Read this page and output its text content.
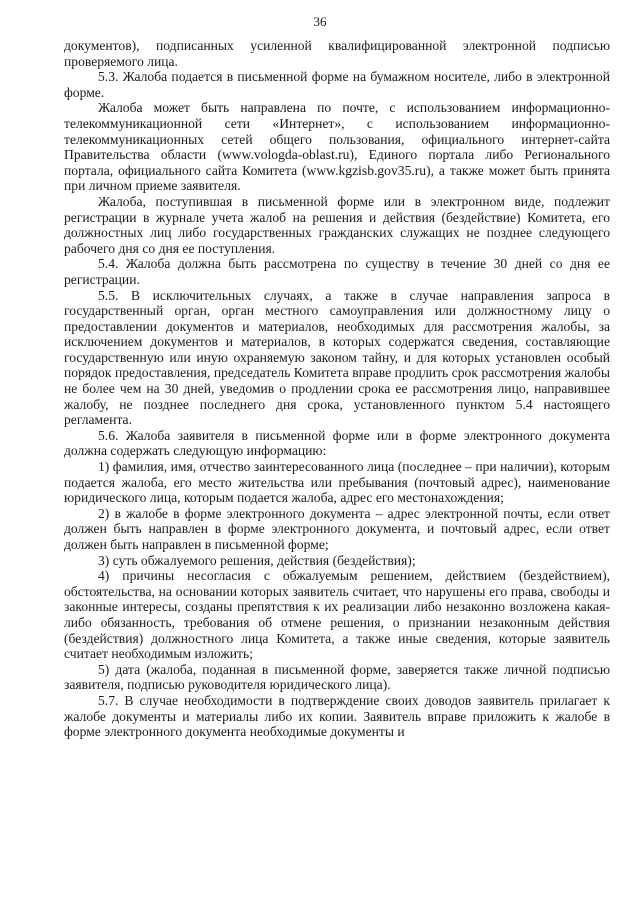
36

документов), подписанных усиленной квалифицированной электронной подписью проверяемого лица.

5.3. Жалоба подается в письменной форме на бумажном носителе, либо в электронной форме.

Жалоба может быть направлена по почте, с использованием информационно-телекоммуникационной сети «Интернет», с использованием информационно-телекоммуникационных сетей общего пользования, официального интернет-сайта Правительства области (www.vologda-oblast.ru), Единого портала либо Регионального портала, официального сайта Комитета (www.kgzisb.gov35.ru), а также может быть принята при личном приеме заявителя.

Жалоба, поступившая в письменной форме или в электронном виде, подлежит регистрации в журнале учета жалоб на решения и действия (бездействие) Комитета, его должностных лиц либо государственных гражданских служащих не позднее следующего рабочего дня со дня ее поступления.

5.4. Жалоба должна быть рассмотрена по существу в течение 30 дней со дня ее регистрации.

5.5. В исключительных случаях, а также в случае направления запроса в государственный орган, орган местного самоуправления или должностному лицу о предоставлении документов и материалов, необходимых для рассмотрения жалобы, за исключением документов и материалов, в которых содержатся сведения, составляющие государственную или иную охраняемую законом тайну, и для которых установлен особый порядок предоставления, председатель Комитета вправе продлить срок рассмотрения жалобы не более чем на 30 дней, уведомив о продлении срока ее рассмотрения лицо, направившее жалобу, не позднее последнего дня срока, установленного пунктом 5.4 настоящего регламента.

5.6. Жалоба заявителя в письменной форме или в форме электронного документа должна содержать следующую информацию:

1) фамилия, имя, отчество заинтересованного лица (последнее – при наличии), которым подается жалоба, его место жительства или пребывания (почтовый адрес), наименование юридического лица, которым подается жалоба, адрес его местонахождения;

2) в жалобе в форме электронного документа – адрес электронной почты, если ответ должен быть направлен в форме электронного документа, и почтовый адрес, если ответ должен быть направлен в письменной форме;

3) суть обжалуемого решения, действия (бездействия);

4) причины несогласия с обжалуемым решением, действием (бездействием), обстоятельства, на основании которых заявитель считает, что нарушены его права, свободы и законные интересы, созданы препятствия к их реализации либо незаконно возложена какая-либо обязанность, требования об отмене решения, о признании незаконным действия (бездействия) должностного лица Комитета, а также иные сведения, которые заявитель считает необходимым изложить;

5) дата (жалоба, поданная в письменной форме, заверяется также личной подписью заявителя, подписью руководителя юридического лица).

5.7. В случае необходимости в подтверждение своих доводов заявитель прилагает к жалобе документы и материалы либо их копии. Заявитель вправе приложить к жалобе в форме электронного документа необходимые документы и
